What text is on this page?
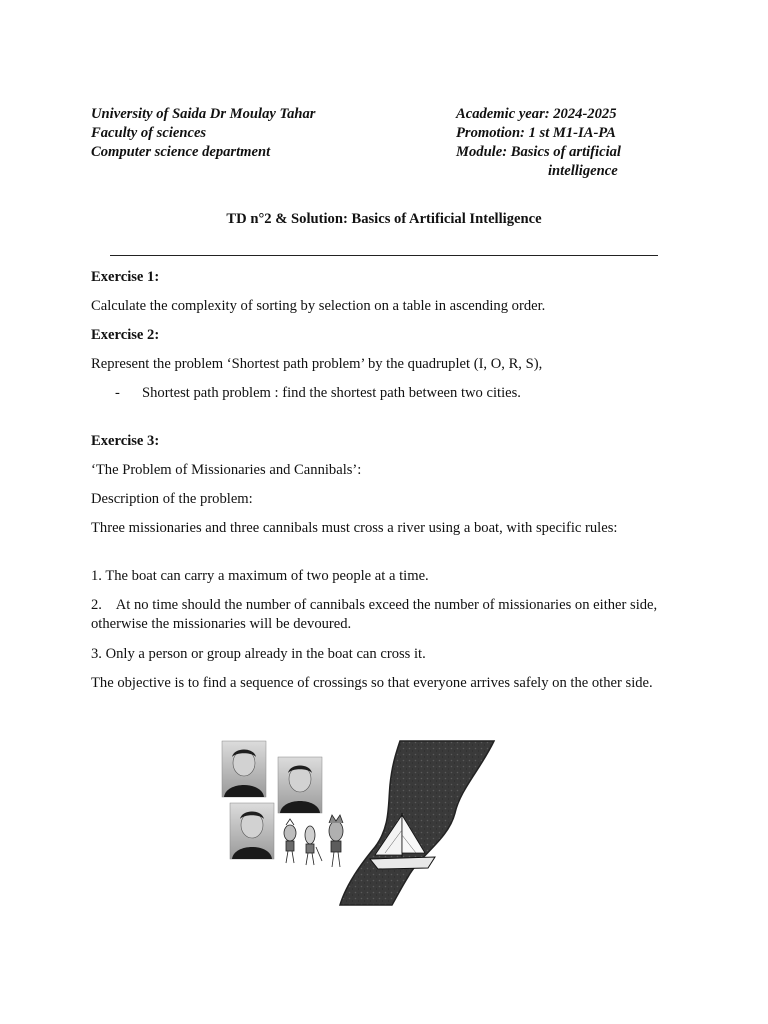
University of Saida Dr Moulay Tahar
Faculty of sciences
Computer science department
Academic year: 2024-2025
Promotion: 1 st M1-IA-PA
Module: Basics of artificial
intelligence
TD n°2 & Solution: Basics of Artificial Intelligence
Exercise 1:
Calculate the complexity of sorting by selection on a table in ascending order.
Exercise 2:
Represent the problem ‘Shortest path problem’ by the quadruplet (I, O, R, S),
- Shortest path problem : find the shortest path between two cities.
Exercise 3:
‘The Problem of Missionaries and Cannibals’:
Description of the problem:
Three missionaries and three cannibals must cross a river using a boat, with specific rules:
1. The boat can carry a maximum of two people at a time.
2.    At no time should the number of cannibals exceed the number of missionaries on either side, otherwise the missionaries will be devoured.
3. Only a person or group already in the boat can cross it.
The objective is to find a sequence of crossings so that everyone arrives safely on the other side.
